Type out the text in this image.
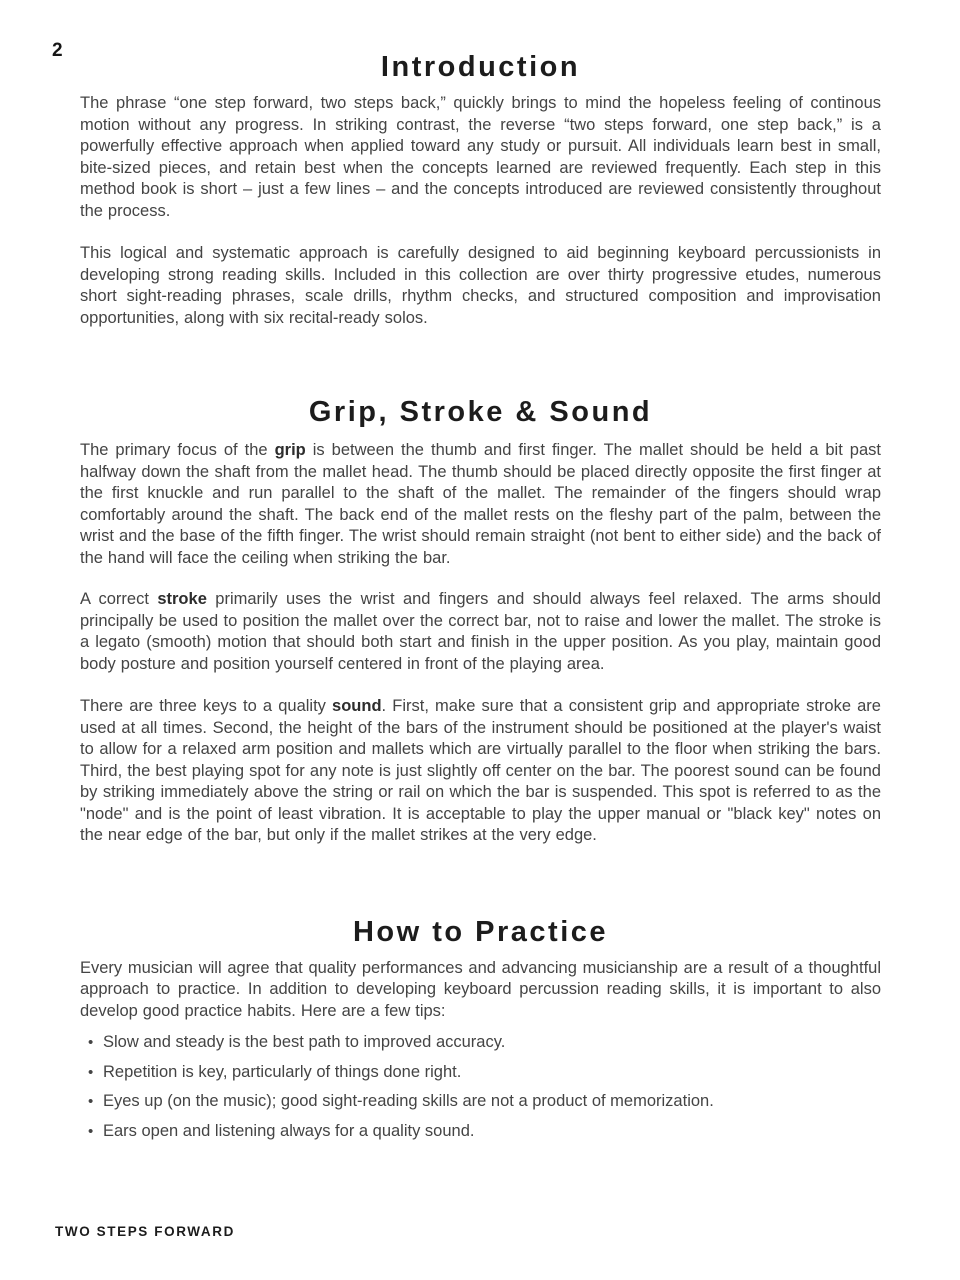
2
Introduction

The phrase “one step forward, two steps back,” quickly brings to mind the hopeless feeling of continous motion without any progress. In striking contrast, the reverse “two steps forward, one step back,” is a powerfully effective approach when applied toward any study or pursuit. All individuals learn best in small, bite-sized pieces, and retain best when the concepts learned are reviewed frequently. Each step in this method book is short – just a few lines – and the concepts introduced are reviewed consistently throughout the process.

This logical and systematic approach is carefully designed to aid beginning keyboard percussionists in developing strong reading skills. Included in this collection are over thirty progressive etudes, numerous short sight-reading phrases, scale drills, rhythm checks, and structured composition and improvisation opportunities, along with six recital-ready solos.

Grip, Stroke & Sound

The primary focus of the grip is between the thumb and first finger. The mallet should be held a bit past halfway down the shaft from the mallet head. The thumb should be placed directly opposite the first finger at the first knuckle and run parallel to the shaft of the mallet. The remainder of the fingers should wrap comfortably around the shaft. The back end of the mallet rests on the fleshy part of the palm, between the wrist and the base of the fifth finger. The wrist should remain straight (not bent to either side) and the back of the hand will face the ceiling when striking the bar.

A correct stroke primarily uses the wrist and fingers and should always feel relaxed. The arms should principally be used to position the mallet over the correct bar, not to raise and lower the mallet. The stroke is a legato (smooth) motion that should both start and finish in the upper position. As you play, maintain good body posture and position yourself centered in front of the playing area.

There are three keys to a quality sound. First, make sure that a consistent grip and appropriate stroke are used at all times. Second, the height of the bars of the instrument should be positioned at the player's waist to allow for a relaxed arm position and mallets which are virtually parallel to the floor when striking the bars. Third, the best playing spot for any note is just slightly off center on the bar. The poorest sound can be found by striking immediately above the string or rail on which the bar is suspended. This spot is referred to as the "node" and is the point of least vibration. It is acceptable to play the upper manual or "black key" notes on the near edge of the bar, but only if the mallet strikes at the very edge.

How to Practice

Every musician will agree that quality performances and advancing musicianship are a result of a thoughtful approach to practice. In addition to developing keyboard percussion reading skills, it is important to also develop good practice habits. Here are a few tips:

• Slow and steady is the best path to improved accuracy.
• Repetition is key, particularly of things done right.
• Eyes up (on the music); good sight-reading skills are not a product of memorization.
• Ears open and listening always for a quality sound.
TWO STEPS FORWARD
